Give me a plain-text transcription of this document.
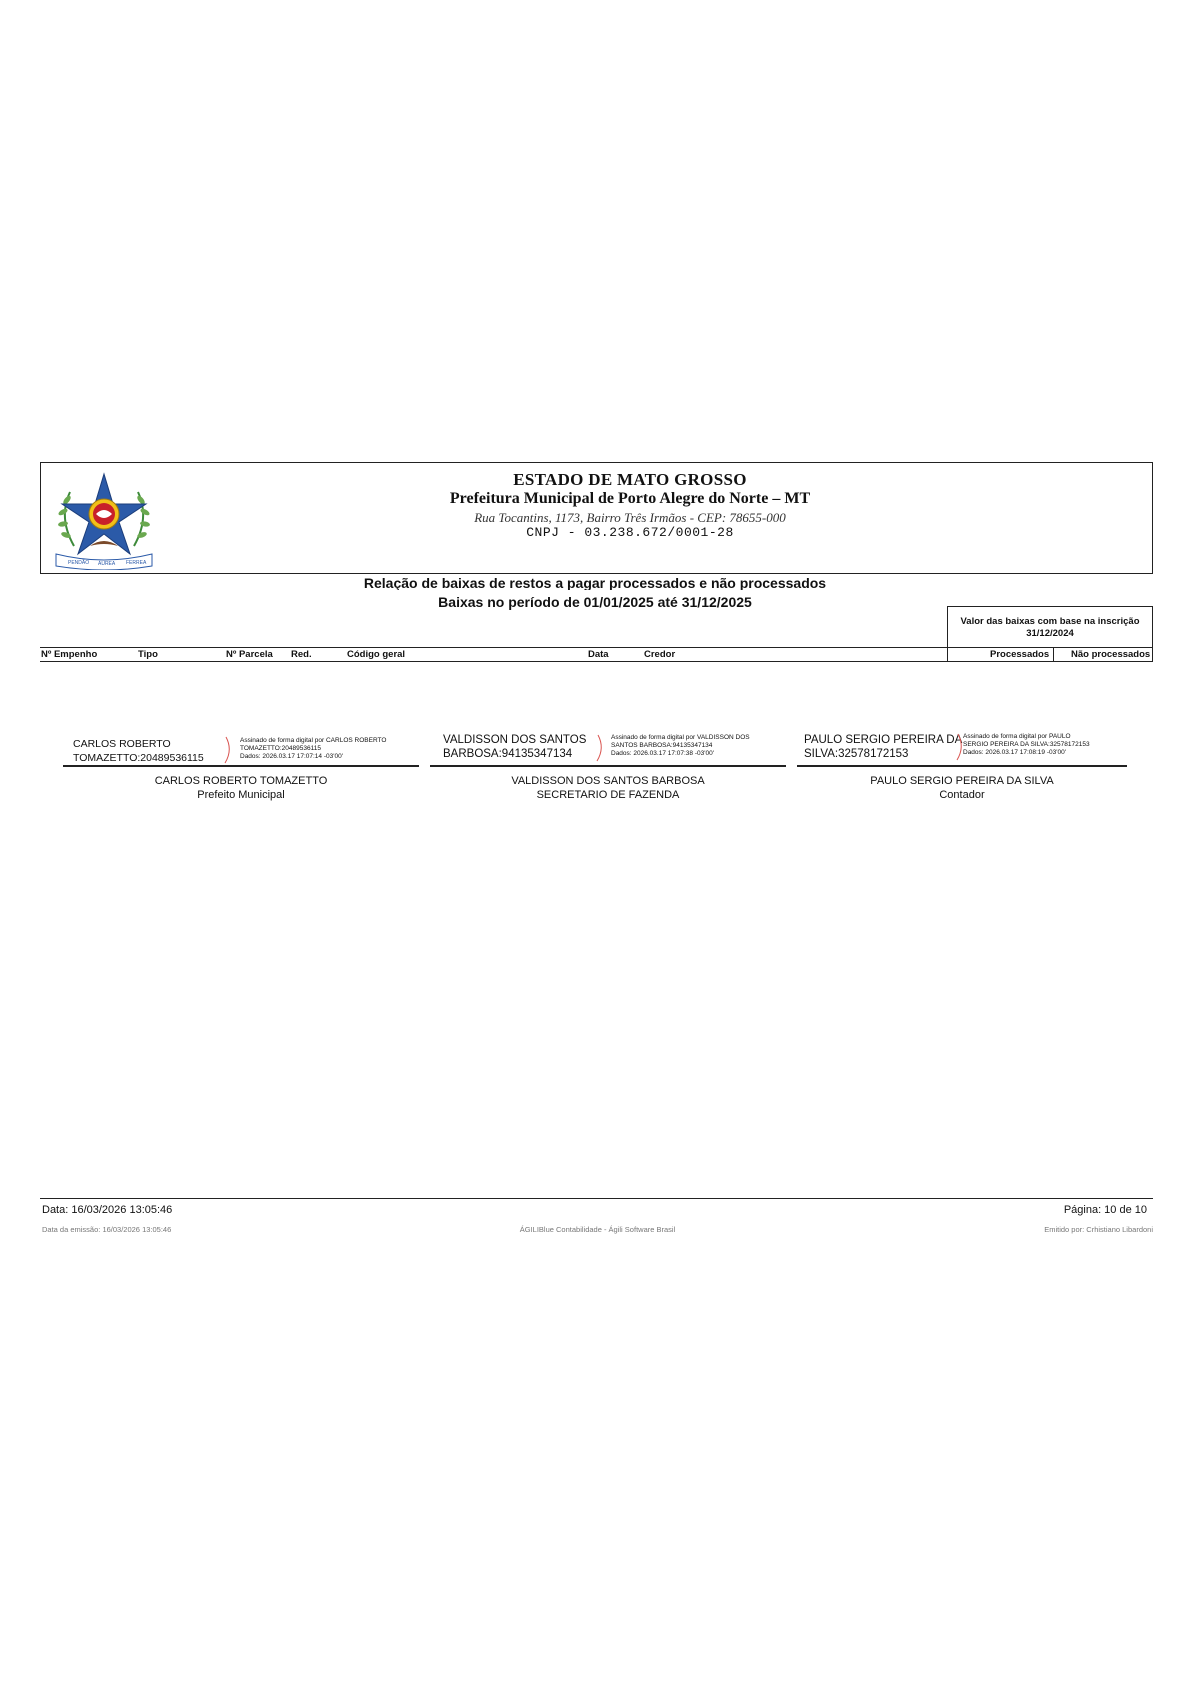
PENDÃO ÁUREA FERREA
ESTADO DE MATO GROSSO
Prefeitura Municipal de Porto Alegre do Norte – MT
Rua Tocantins, 1173, Bairro Três Irmãos - CEP: 78655-000
CNPJ - 03.238.672/0001-28
Relação de baixas de restos a pagar processados e não processados
Baixas no período de 01/01/2025 até 31/12/2025
Valor das baixas com base na inscrição
31/12/2024
Nº Empenho	Tipo	Nº Parcela Red.	Código geral	Data	Credor	Processados Não processados
CARLOS ROBERTO
TOMAZETTO:20489536115
Assinado de forma digital por CARLOS ROBERTO
TOMAZETTO:20489536115
Dados: 2026.03.17 17:07:14 -03'00'
CARLOS ROBERTO TOMAZETTO
Prefeito Municipal
VALDISSON DOS SANTOS
BARBOSA:94135347134
Assinado de forma digital por VALDISSON DOS
SANTOS BARBOSA:94135347134
Dados: 2026.03.17 17:07:38 -03'00'
VALDISSON DOS SANTOS BARBOSA
SECRETARIO DE FAZENDA
PAULO SERGIO PEREIRA DA
SILVA:32578172153
Assinado de forma digital por PAULO
SERGIO PEREIRA DA SILVA:32578172153
Dados: 2026.03.17 17:08:19 -03'00'
PAULO SERGIO PEREIRA DA SILVA
Contador
Data: 16/03/2026 13:05:46	Página: 10 de 10
Data da emissão: 16/03/2026 13:05:46	ÁGILIBlue Contabilidade - Ágili Software Brasil	Emitido por: Crhistiano Libardoni
